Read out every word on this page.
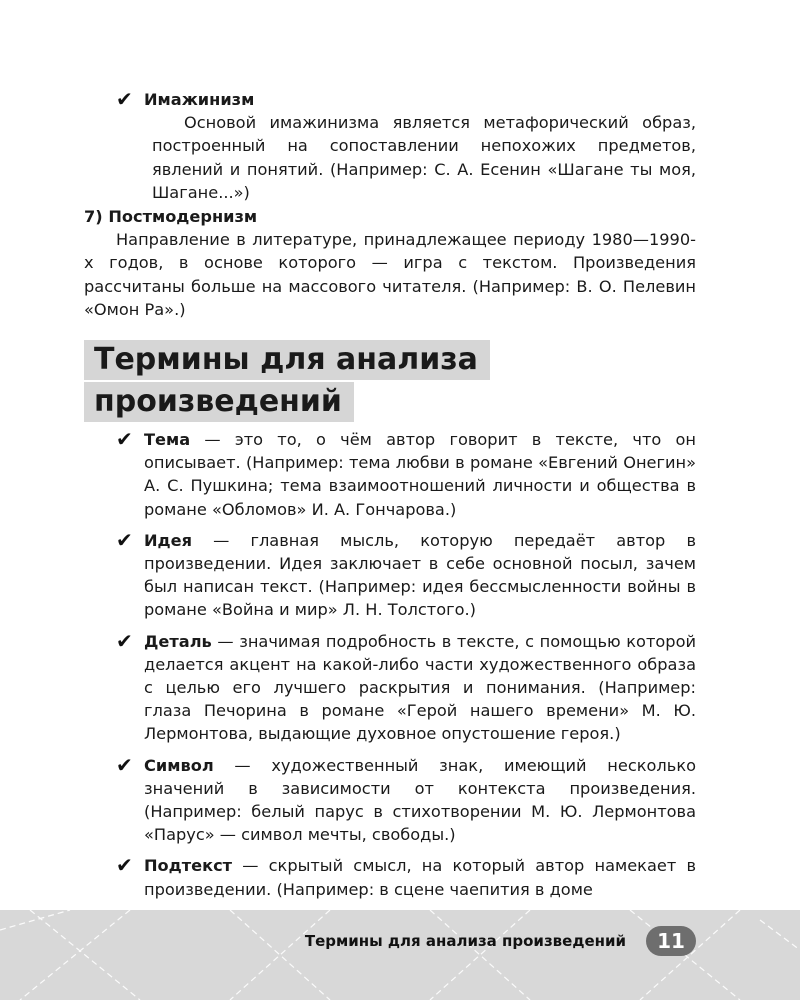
✔ Имажинизм
Основой имажинизма является метафорический образ, построенный на сопоставлении непохожих предметов, явлений и понятий. (Например: С. А. Есенин «Шагане ты моя, Шагане...»)
7) Постмодернизм
Направление в литературе, принадлежащее периоду 1980—1990-х годов, в основе которого — игра с текстом. Произведения рассчитаны больше на массового читателя. (Например: В. О. Пелевин «Омон Ра».)
Термины для анализа
произведений
✔ Тема — это то, о чём автор говорит в тексте, что он описывает. (Например: тема любви в романе «Евгений Онегин» А. С. Пушкина; тема взаимоотношений личности и общества в романе «Обломов» И. А. Гончарова.)
✔ Идея — главная мысль, которую передаёт автор в произведении. Идея заключает в себе основной посыл, зачем был написан текст. (Например: идея бессмысленности войны в романе «Война и мир» Л. Н. Толстого.)
✔ Деталь — значимая подробность в тексте, с помощью которой делается акцент на какой-либо части художественного образа с целью его лучшего раскрытия и понимания. (Например: глаза Печорина в романе «Герой нашего времени» М. Ю. Лермонтова, выдающие духовное опустошение героя.)
✔ Символ — художественный знак, имеющий несколько значений в зависимости от контекста произведения. (Например: белый парус в стихотворении М. Ю. Лермонтова «Парус» — символ мечты, свободы.)
✔ Подтекст — скрытый смысл, на который автор намекает в произведении. (Например: в сцене чаепития в доме
Термины для анализа произведений	11
